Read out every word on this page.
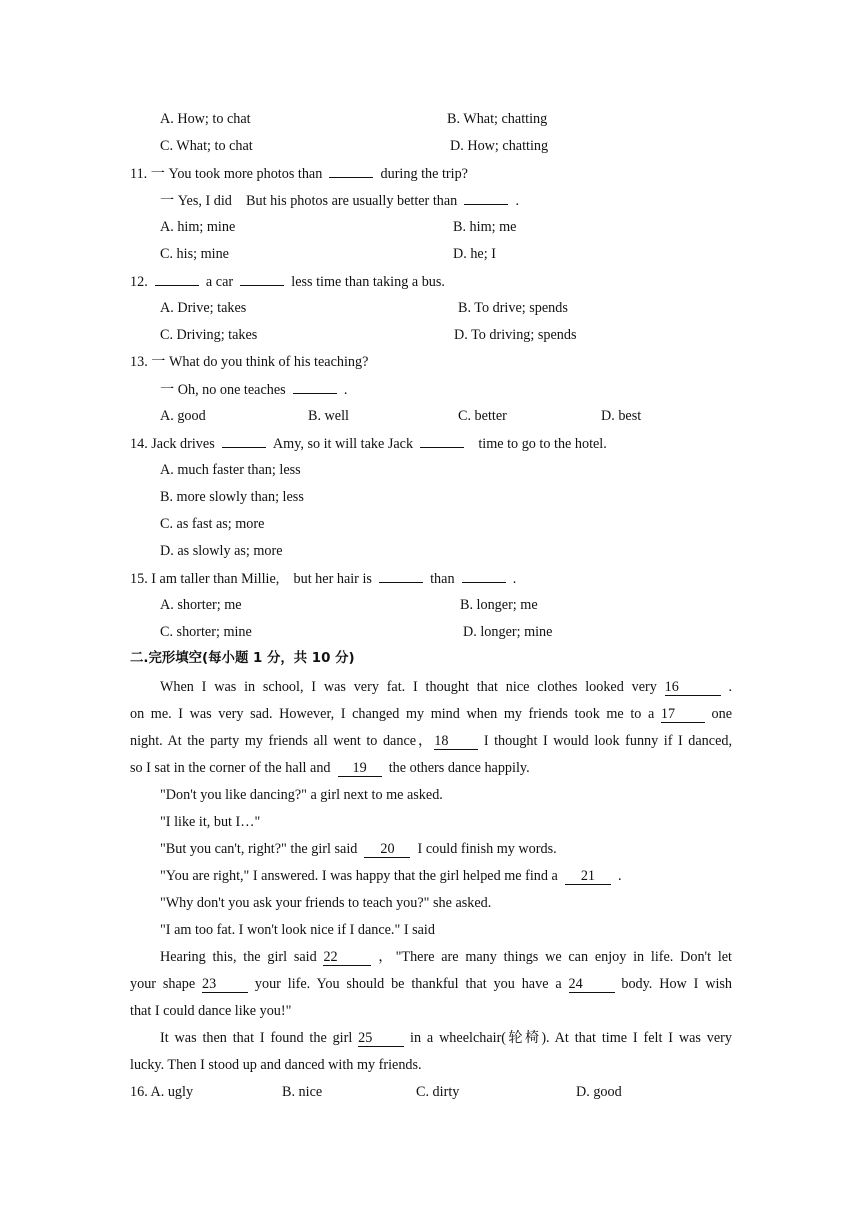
A. How; to chat	B. What; chatting
C. What; to chat	D. How; chatting
11. 一 You took more photos than	during the trip?
一 Yes, I did　But his photos are usually better than	.
A. him; mine	B. him; me
C. his; mine	D. he; I
12.	a car	less time than taking a bus.
A. Drive; takes	B. To drive; spends
C. Driving; takes	D. To driving; spends
13. 一 What do you think of his teaching?
一 Oh, no one teaches	.
A. good	B. well	C. better	D. best
14. Jack drives	Amy, so it will take Jack	time to go to the hotel.
A. much faster than; less
B. more slowly than; less
C. as fast as; more
D. as slowly as; more
15. I am taller than Millie,　but her hair is	than	.
A. shorter; me	B. longer; me
C. shorter; mine	D. longer; mine
二.完形填空(每小题 1 分，共 10 分)
When I was in school, I was very fat. I thought that nice clothes looked very 16	.
on me. I was very sad. However, I changed my mind when my friends took me to a 17	one
night. At the party my friends all went to dance，18 I thought I would look funny if I danced,
so I sat in the corner of the hall and 19 the others dance happily.
"Don't you like dancing?" a girl next to me asked.
"I like it, but I…"
"But you can't, right?" the girl said 20 I could finish my words.
"You are right," I answered. I was happy that the girl helped me find a 21 .
"Why don't you ask your friends to teach you?" she asked.
"I am too fat. I won't look nice if I dance." I said
Hearing this, the girl said 22	，"There are many things we can enjoy in life. Don't let
your shape 23	your life. You should be thankful that you have a 24	body. How I wish
that I could dance like you!"
It was then that I found the girl 25	in a wheelchair(轮椅). At that time I felt I was very
lucky. Then I stood up and danced with my friends.
16. A. ugly	B. nice	C. dirty	D. good
